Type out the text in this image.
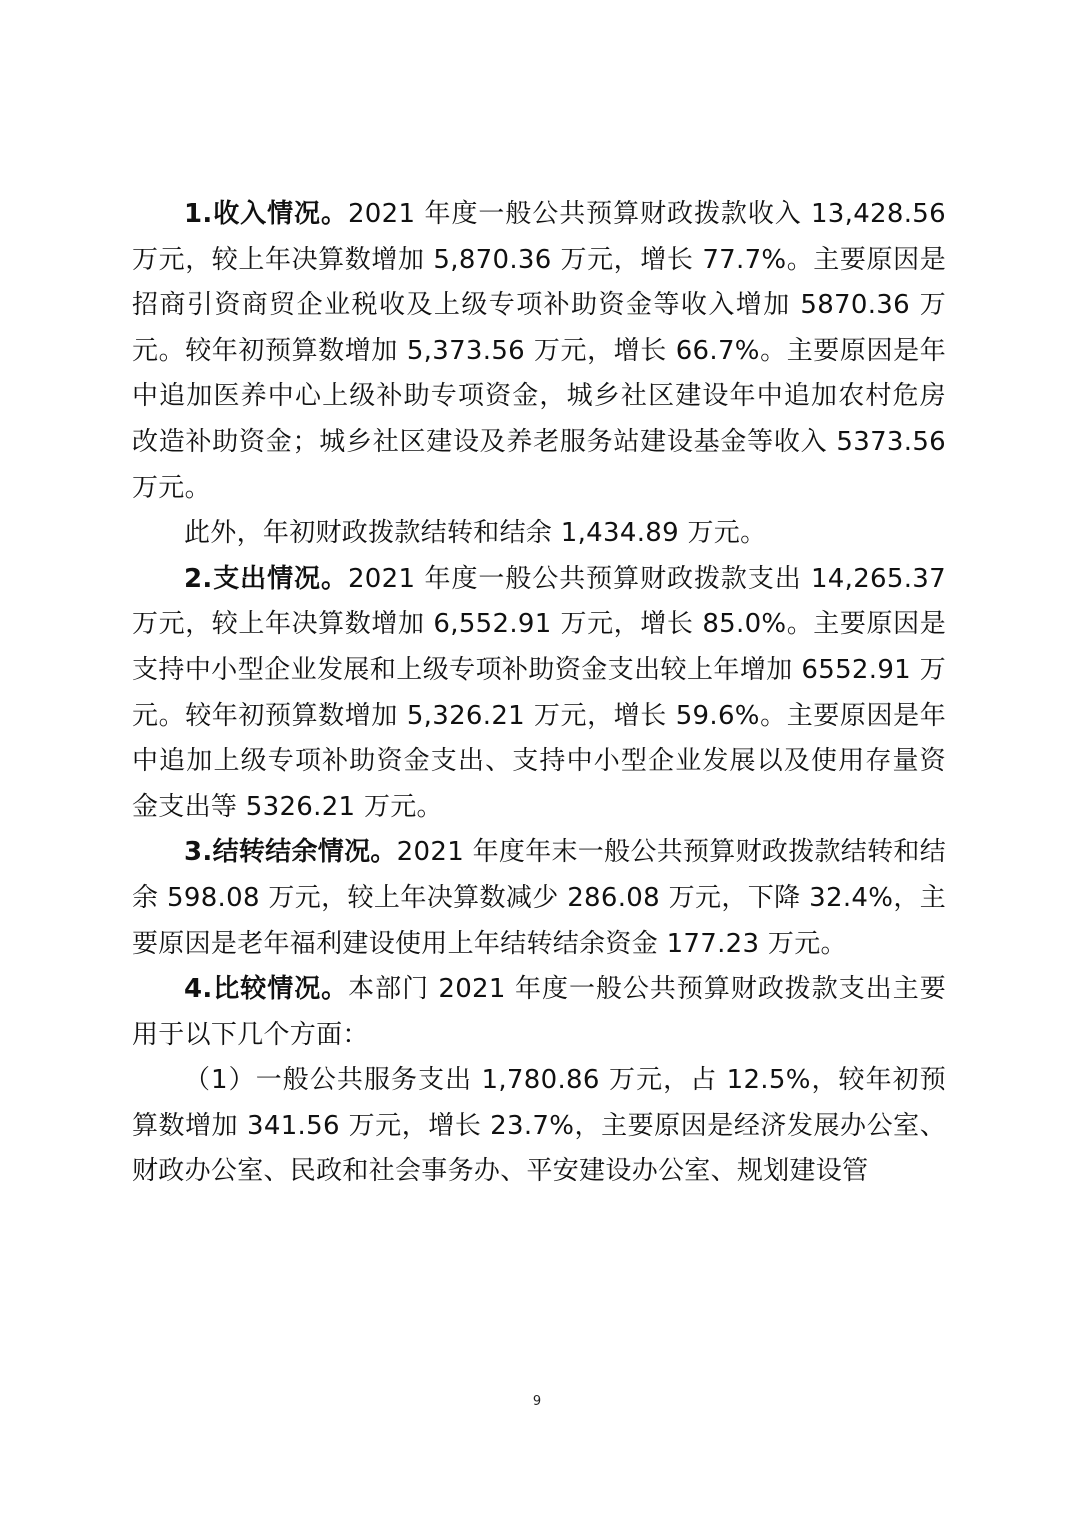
1.收入情况。2021 年度一般公共预算财政拨款收入 13,428.56 万元，较上年决算数增加 5,870.36 万元，增长 77.7%。主要原因是招商引资商贸企业税收及上级专项补助资金等收入增加 5870.36 万元。较年初预算数增加 5,373.56 万元，增长 66.7%。主要原因是年中追加医养中心上级补助专项资金，城乡社区建设年中追加农村危房改造补助资金；城乡社区建设及养老服务站建设基金等收入 5373.56 万元。

此外，年初财政拨款结转和结余 1,434.89 万元。

2.支出情况。2021 年度一般公共预算财政拨款支出 14,265.37 万元，较上年决算数增加 6,552.91 万元，增长 85.0%。主要原因是支持中小型企业发展和上级专项补助资金支出较上年增加 6552.91 万元。较年初预算数增加 5,326.21 万元，增长 59.6%。主要原因是年中追加上级专项补助资金支出、支持中小型企业发展以及使用存量资金支出等 5326.21 万元。

3.结转结余情况。2021 年度年末一般公共预算财政拨款结转和结余 598.08 万元，较上年决算数减少 286.08 万元，下降 32.4%，主要原因是老年福利建设使用上年结转结余资金 177.23 万元。

4.比较情况。本部门 2021 年度一般公共预算财政拨款支出主要用于以下几个方面：

（1）一般公共服务支出 1,780.86 万元，占 12.5%，较年初预算数增加 341.56 万元，增长 23.7%，主要原因是经济发展办公室、财政办公室、民政和社会事务办、平安建设办公室、规划建设管

9
